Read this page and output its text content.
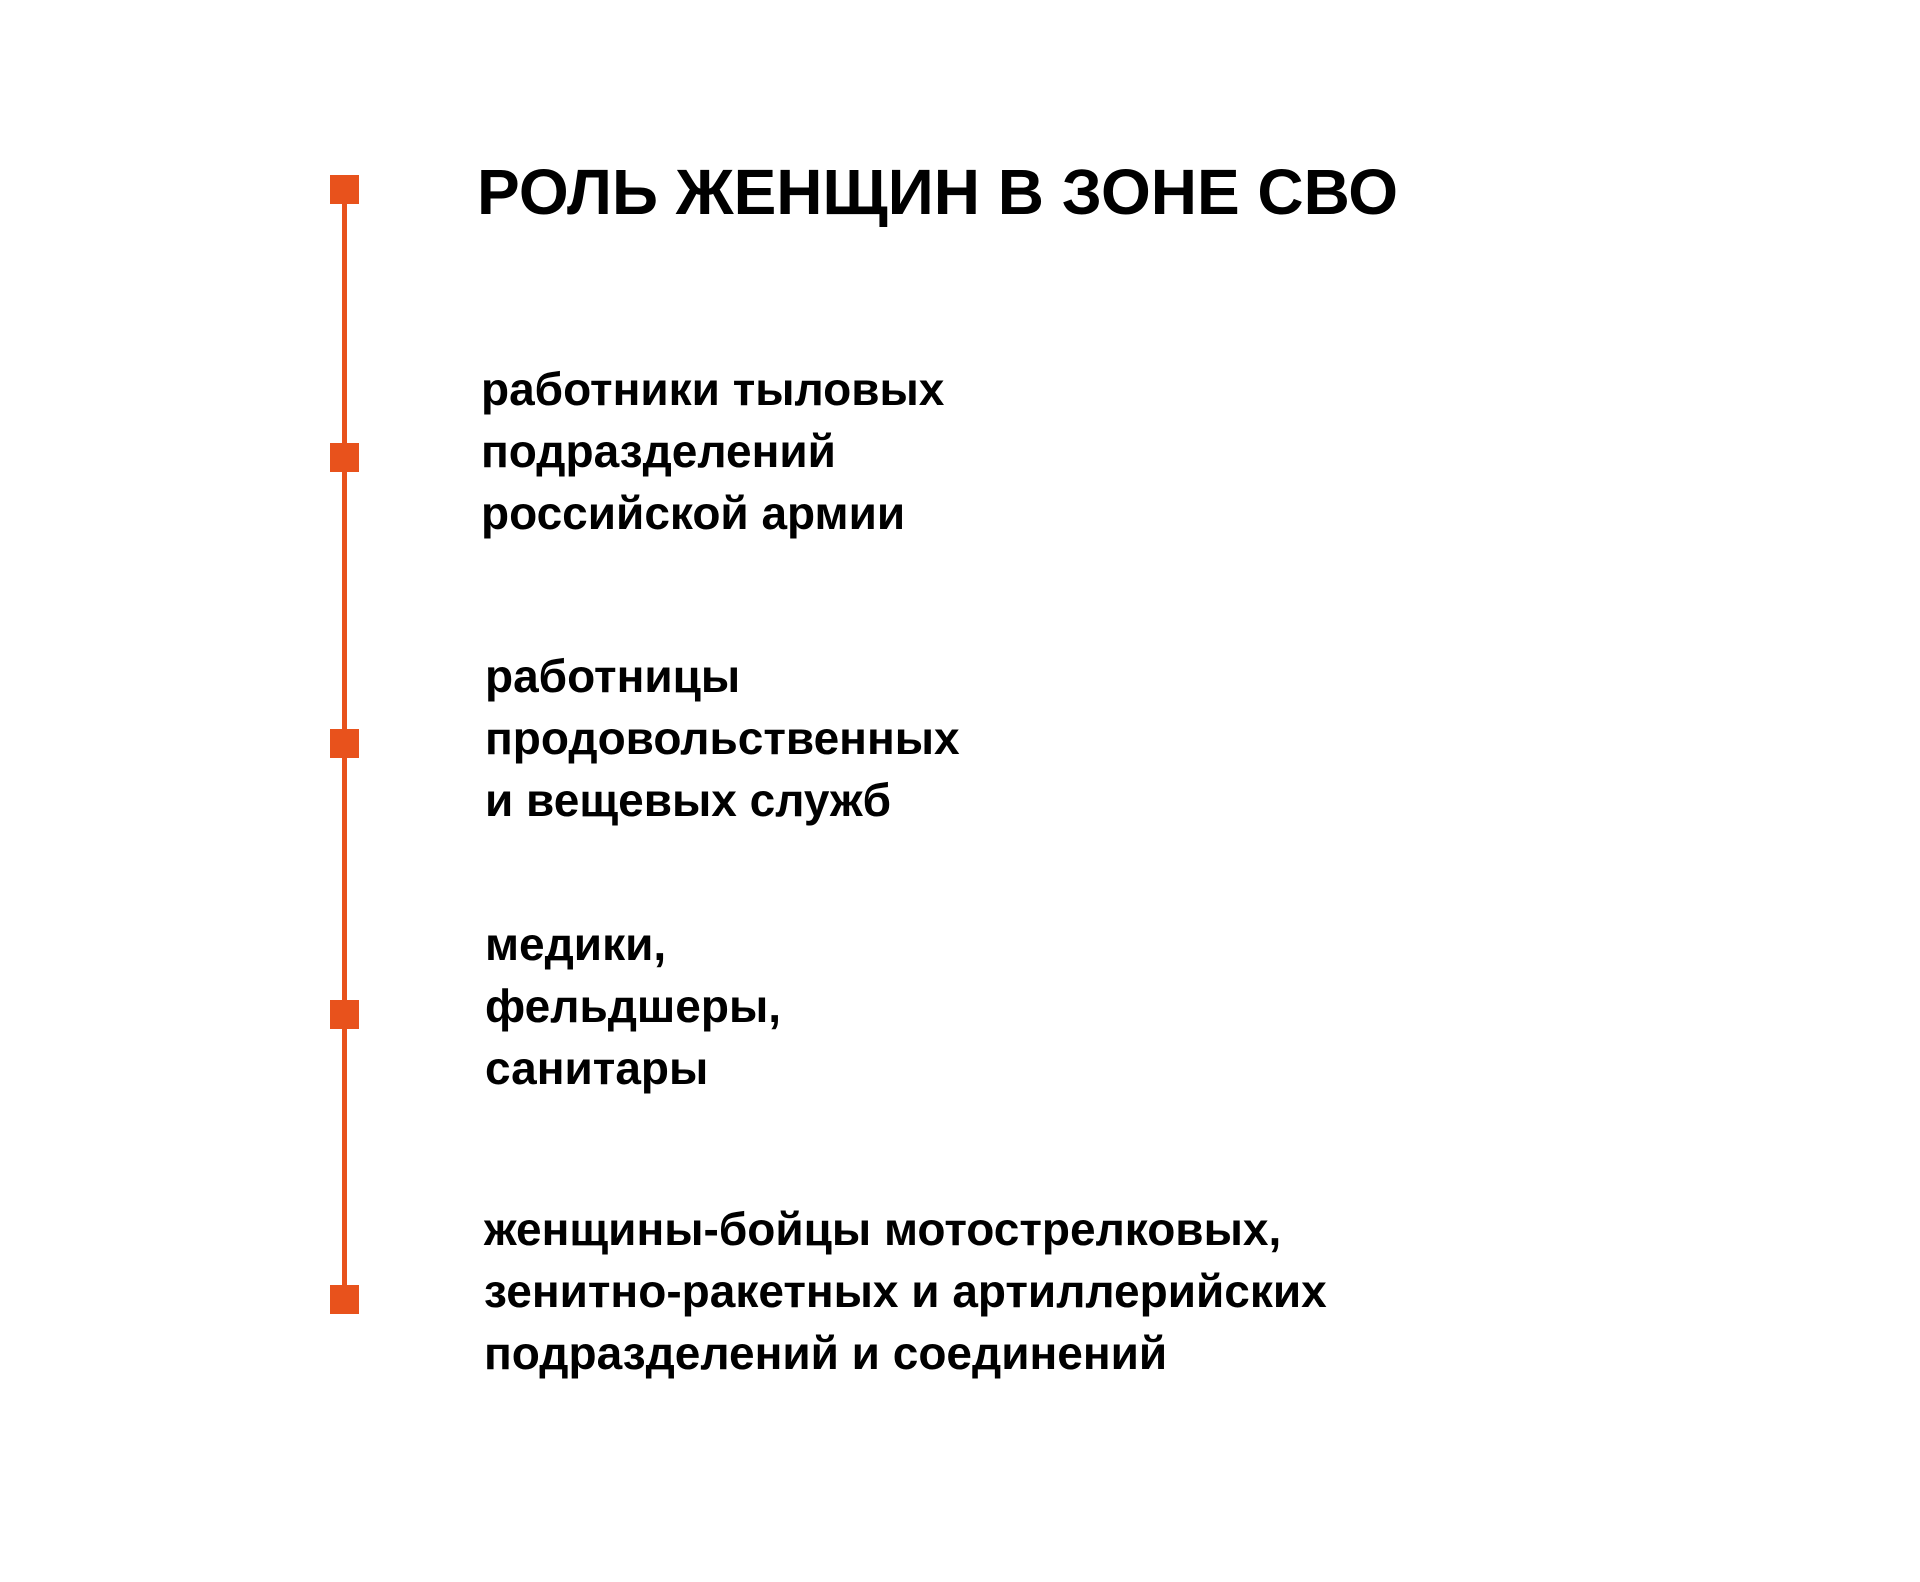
РОЛЬ ЖЕНЩИН В ЗОНЕ СВО
работники тыловых
подразделений
российской армии
работницы
продовольственных
и вещевых служб
медики,
фельдшеры,
санитары
женщины-бойцы мотострелковых,
зенитно-ракетных и артиллерийских
подразделений и соединений
